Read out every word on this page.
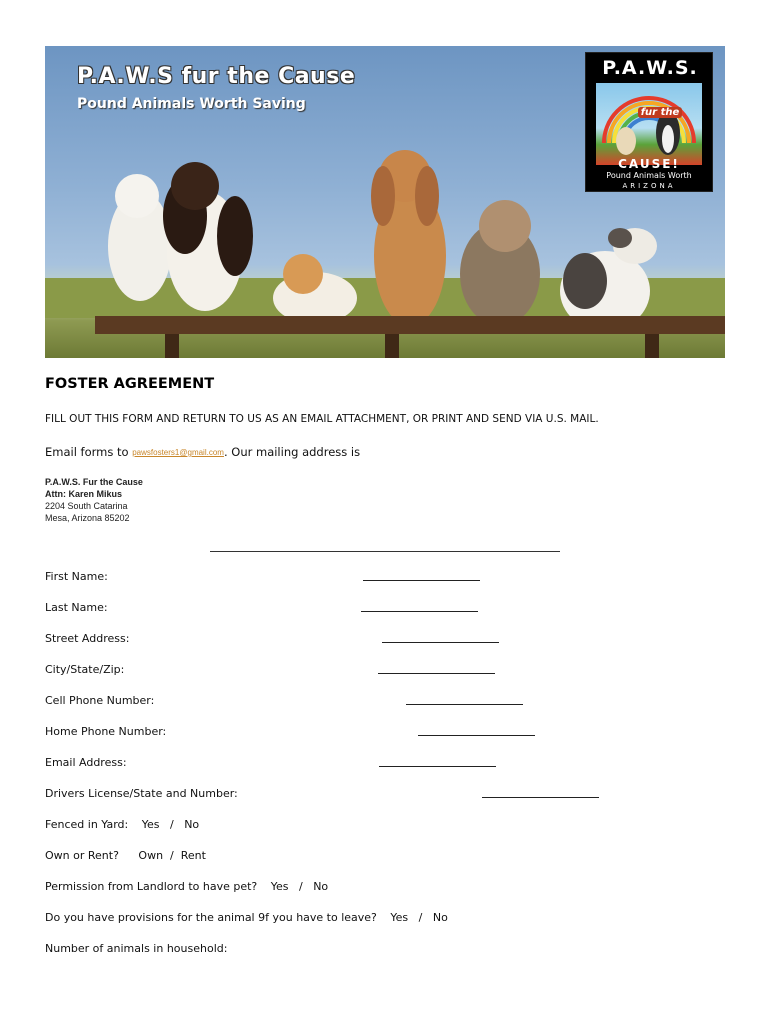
P.A.W.S fur the Cause
Pound Animals Worth Saving
P.A.W.S.
fur the
CAUSE!
Pound Animals Worth
ARIZONA
FOSTER AGREEMENT
FILL OUT THIS FORM AND RETURN TO US AS AN EMAIL ATTACHMENT, OR PRINT AND SEND VIA U.S. MAIL.
Email forms to pawsfosters1@gmail.com. Our mailing address is
P.A.W.S. Fur the Cause
Attn: Karen Mikus
2204 South Catarina
Mesa, Arizona 85202
First Name:
Last Name:
Street Address:
City/State/Zip:
Cell Phone Number:
Home Phone Number:
Email Address:
Drivers License/State and Number:
Fenced in Yard: Yes   /   No
Own or Rent? Own  /  Rent
Permission from Landlord to have pet? Yes   /   No
Do you have provisions for the animal 9f you have to leave? Yes   /   No
Number of animals in household:
